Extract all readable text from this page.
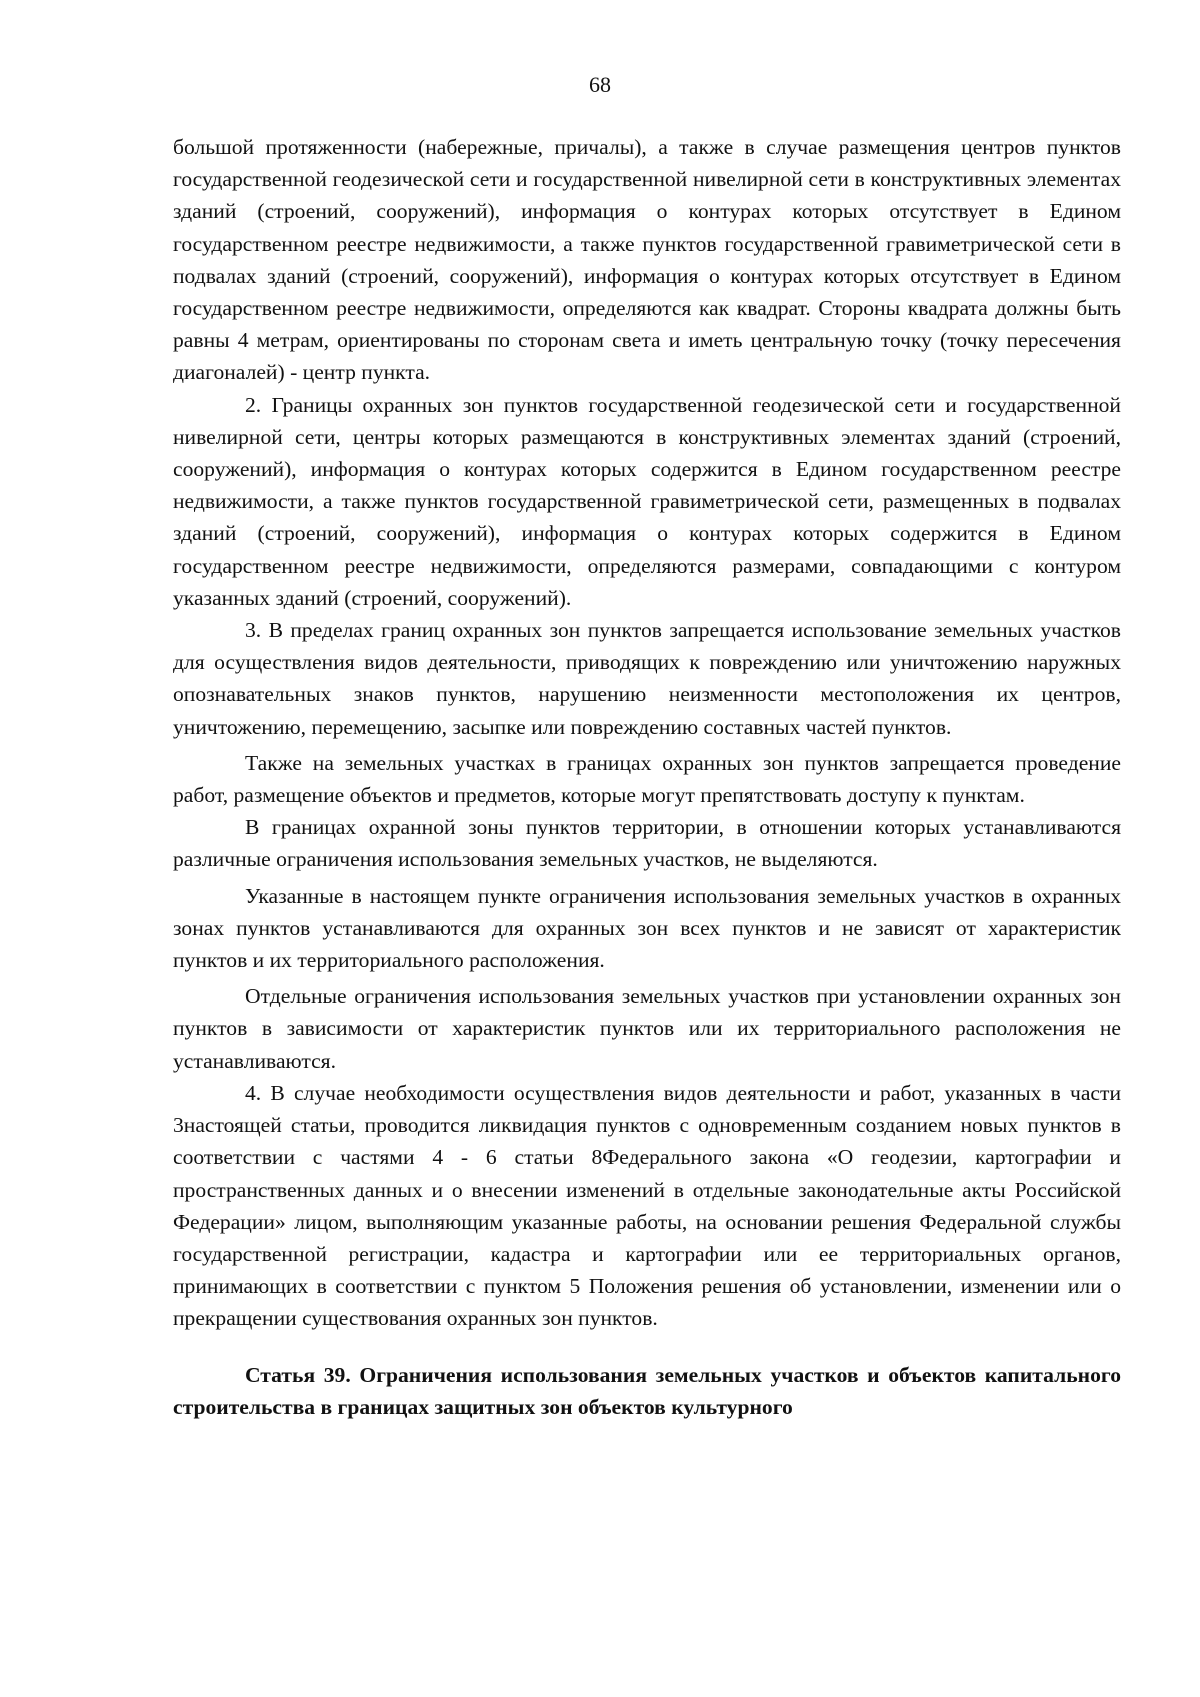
68

большой протяженности (набережные, причалы), а также в случае размещения центров пунктов государственной геодезической сети и государственной нивелирной сети в конструктивных элементах зданий (строений, сооружений), информация о контурах которых отсутствует в Едином государственном реестре недвижимости, а также пунктов государственной гравиметрической сети в подвалах зданий (строений, сооружений), информация о контурах которых отсутствует в Едином государственном реестре недвижимости, определяются как квадрат. Стороны квадрата должны быть равны 4 метрам, ориентированы по сторонам света и иметь центральную точку (точку пересечения диагоналей) - центр пункта.

2. Границы охранных зон пунктов государственной геодезической сети и государственной нивелирной сети, центры которых размещаются в конструктивных элементах зданий (строений, сооружений), информация о контурах которых содержится в Едином государственном реестре недвижимости, а также пунктов государственной гравиметрической сети, размещенных в подвалах зданий (строений, сооружений), информация о контурах которых содержится в Едином государственном реестре недвижимости, определяются размерами, совпадающими с контуром указанных зданий (строений, сооружений).

3. В пределах границ охранных зон пунктов запрещается использование земельных участков для осуществления видов деятельности, приводящих к повреждению или уничтожению наружных опознавательных знаков пунктов, нарушению неизменности местоположения их центров, уничтожению, перемещению, засыпке или повреждению составных частей пунктов.

Также на земельных участках в границах охранных зон пунктов запрещается проведение работ, размещение объектов и предметов, которые могут препятствовать доступу к пунктам.

В границах охранной зоны пунктов территории, в отношении которых устанавливаются различные ограничения использования земельных участков, не выделяются.

Указанные в настоящем пункте ограничения использования земельных участков в охранных зонах пунктов устанавливаются для охранных зон всех пунктов и не зависят от характеристик пунктов и их территориального расположения.

Отдельные ограничения использования земельных участков при установлении охранных зон пунктов в зависимости от характеристик пунктов или их территориального расположения не устанавливаются.

4. В случае необходимости осуществления видов деятельности и работ, указанных в части 3настоящей статьи, проводится ликвидация пунктов с одновременным созданием новых пунктов в соответствии с частями 4 - 6 статьи 8Федерального закона «О геодезии, картографии и пространственных данных и о внесении изменений в отдельные законодательные акты Российской Федерации» лицом, выполняющим указанные работы, на основании решения Федеральной службы государственной регистрации, кадастра и картографии или ее территориальных органов, принимающих в соответствии с пунктом 5 Положения решения об установлении, изменении или о прекращении существования охранных зон пунктов.

Статья 39. Ограничения использования земельных участков и объектов капитального строительства в границах защитных зон объектов культурного
